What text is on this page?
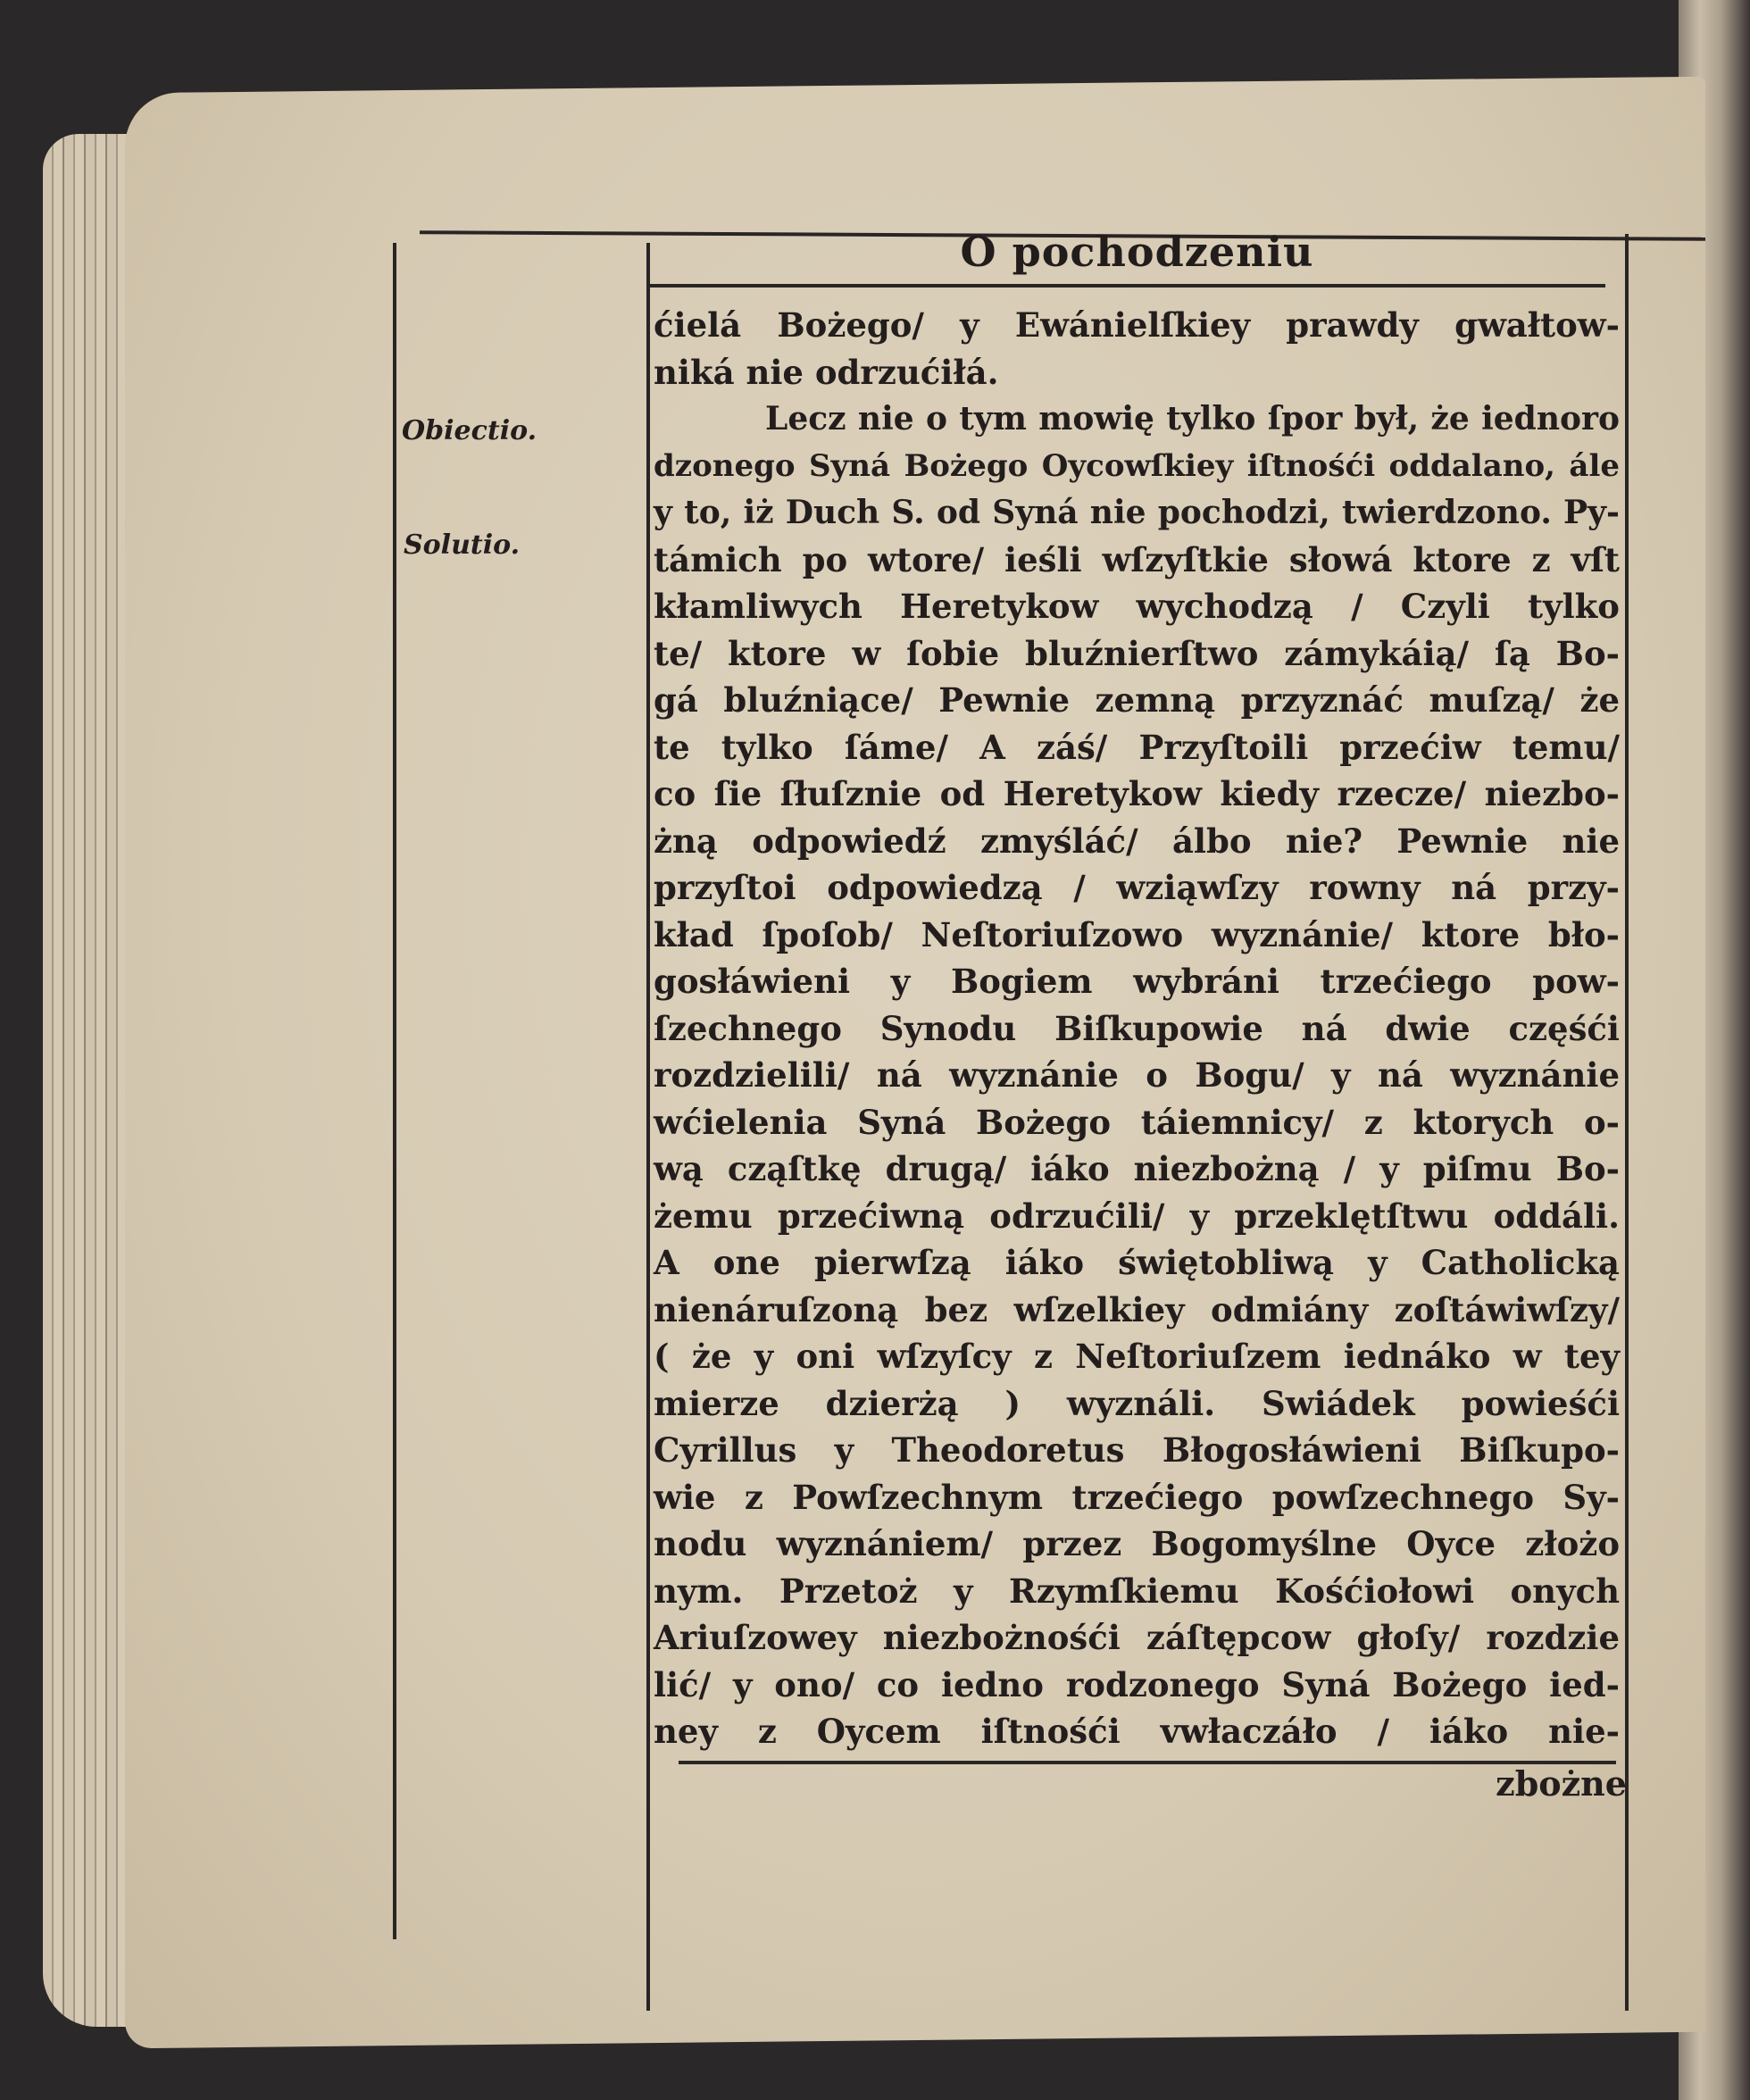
O pochodzeniu
Obiectio.
Solutio.
ćielá Bożego/ y Ewánielſkiey prawdy gwałtow-
niká nie odrzućiłá.
Lecz nie o tym mowię tylko ſpor był, że iednoro
dzonego Syná Bożego Oycowſkiey iſtnośći oddalano, ále
y to, iż Duch S. od Syná nie pochodzi, twierdzono. Py-
támich po wtore/ ieśli wſzyſtkie słowá ktore z vſt
kłamliwych Heretykow wychodzą / Czyli tylko
te/ ktore w ſobie bluźnierſtwo zámykáią/ ſą Bo-
gá bluźniące/ Pewnie zemną przyznáć muſzą/ że
te tylko ſáme/ A záś/ Przyſtoili przećiw temu/
co ſie ſłuſznie od Heretykow kiedy rzecze/ niezbo-
żną odpowiedź zmyśláć/ álbo nie? Pewnie nie
przyſtoi odpowiedzą / wziąwſzy rowny ná przy-
kład ſpoſob/ Neſtoriuſzowo wyznánie/ ktore bło-
gosłáwieni y Bogiem wybráni trzećiego pow-
ſzechnego Synodu Biſkupowie ná dwie częśći
rozdzielili/ ná wyznánie o Bogu/ y ná wyznánie
wćielenia Syná Bożego táiemnicy/ z ktorych o-
wą cząſtkę drugą/ iáko niezbożną / y piſmu Bo-
żemu przećiwną odrzućili/ y przeklętſtwu oddáli.
A one pierwſzą iáko świętobliwą y Catholicką
nienáruſzoną bez wſzelkiey odmiány zoſtáwiwſzy/
( że y oni wſzyſcy z Neſtoriuſzem iednáko w tey
mierze dzierżą ) wyználi. Swiádek powieśći
Cyrillus y Theodoretus Błogosłáwieni Biſkupo-
wie z Powſzechnym trzećiego powſzechnego Sy-
nodu wyznániem/ przez Bogomyślne Oyce złożo
nym. Przetoż y Rzymſkiemu Kośćiołowi onych
Ariuſzowey niezbożnośći záſtępcow głoſy/ rozdzie
lić/ y ono/ co iedno rodzonego Syná Bożego ied-
ney z Oycem iſtnośći vwłaczáło / iáko nie-
zbożne
